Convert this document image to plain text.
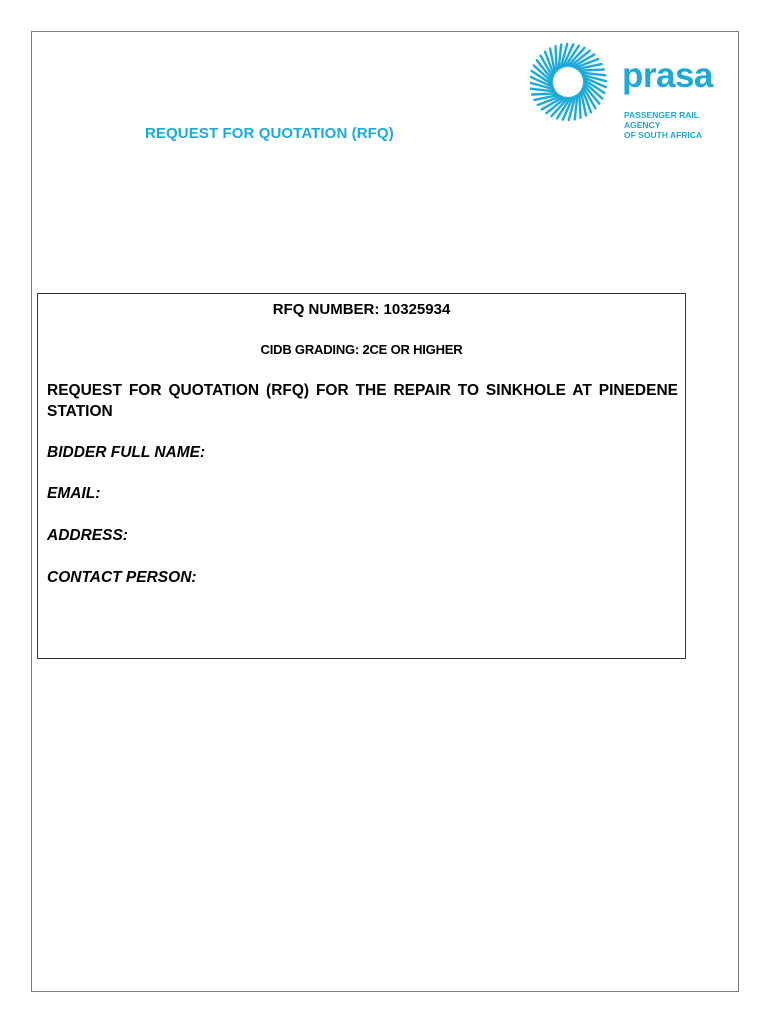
REQUEST FOR QUOTATION (RFQ)
prasa
PASSENGER RAIL AGENCY
OF SOUTH AFRICA
RFQ NUMBER: 10325934
CIDB GRADING: 2CE OR HIGHER
REQUEST FOR QUOTATION (RFQ) FOR THE REPAIR TO SINKHOLE AT PINEDENE STATION
BIDDER FULL NAME:
EMAIL:
ADDRESS:
CONTACT PERSON:
